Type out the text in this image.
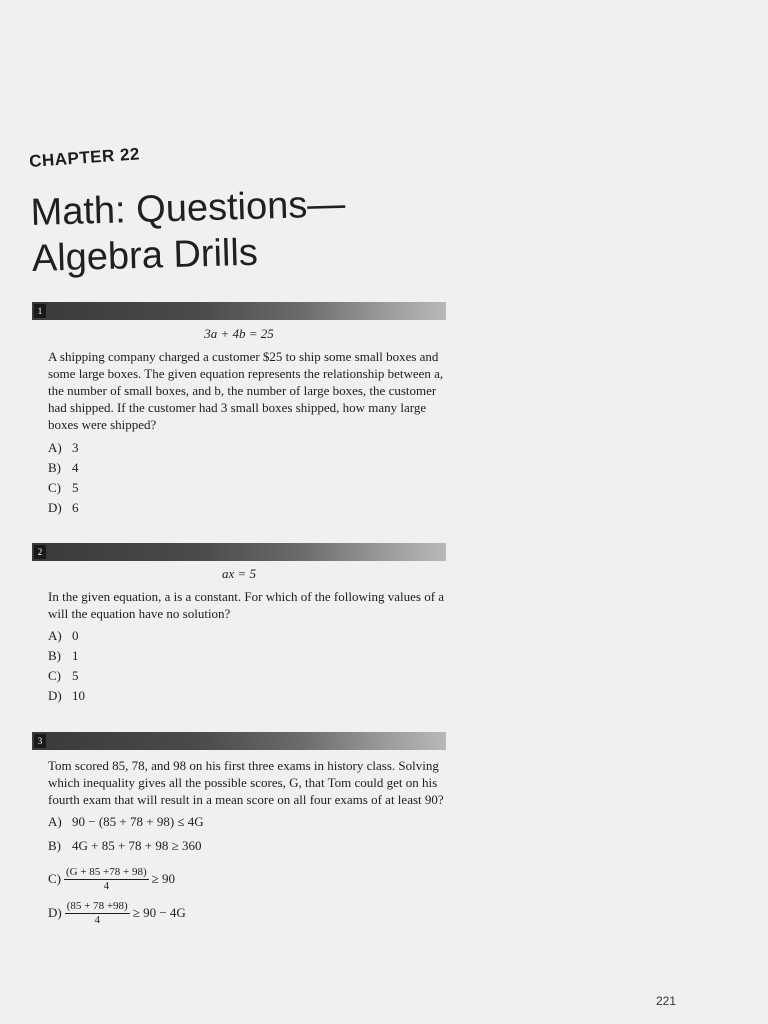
CHAPTER 22
Math: Questions—
Algebra Drills
1
3a + 4b = 25
A shipping company charged a customer $25 to ship some small boxes and some large boxes. The given equation represents the relationship between a, the number of small boxes, and b, the number of large boxes, the customer had shipped. If the customer had 3 small boxes shipped, how many large boxes were shipped?
A) 3
B) 4
C) 5
D) 6
2
ax = 5
In the given equation, a is a constant. For which of the following values of a will the equation have no solution?
A) 0
B) 1
C) 5
D) 10
3
Tom scored 85, 78, and 98 on his first three exams in history class. Solving which inequality gives all the possible scores, G, that Tom could get on his fourth exam that will result in a mean score on all four exams of at least 90?
A) 90 − (85 + 78 + 98) ≤ 4G
B) 4G + 85 + 78 + 98 ≥ 360
$C) \frac{(G + 85 +78 + 98)}{4} \ge 90$
$D) \frac{(85 + 78 +98)}{4} \ge 90 - 4G$
221
